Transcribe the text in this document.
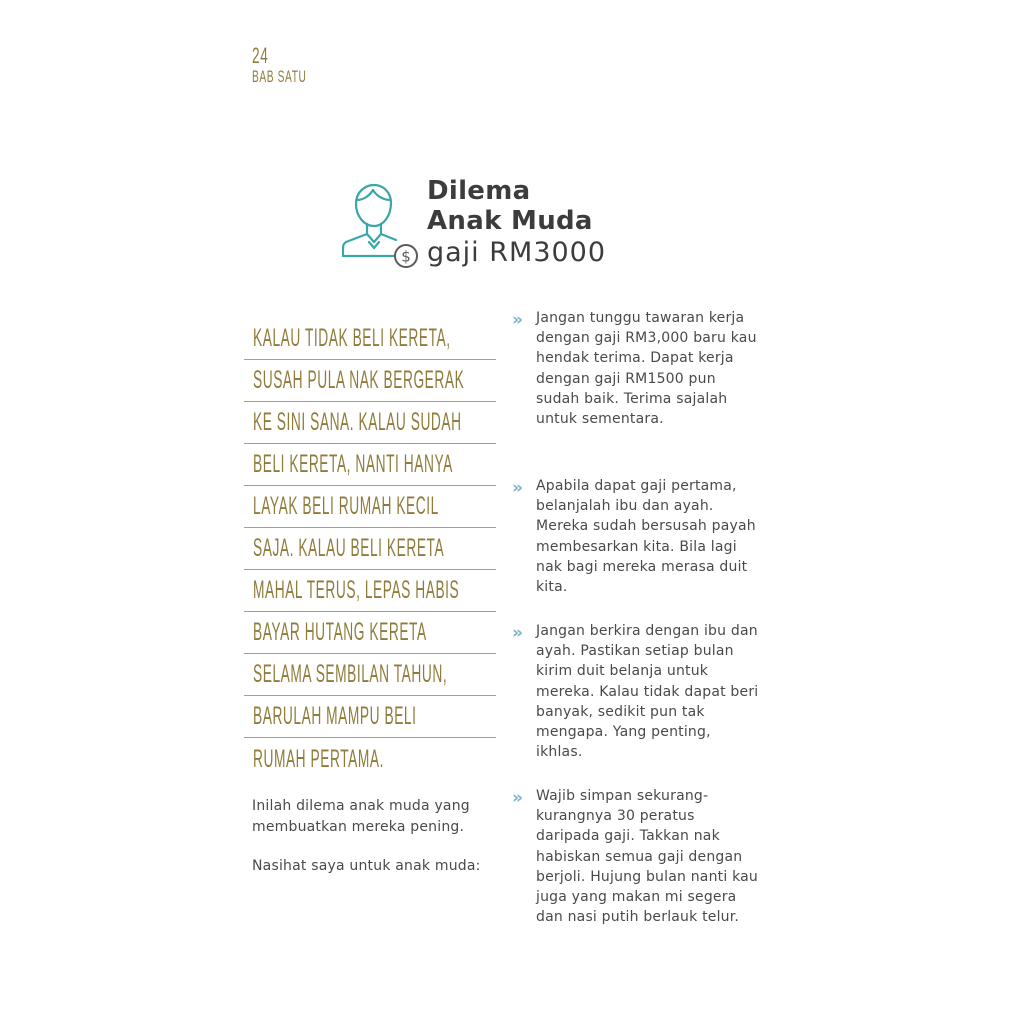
24
BAB SATU
$
Dilema
Anak Muda
gaji RM3000
KALAU TIDAK BELI KERETA,
SUSAH PULA NAK BERGERAK
KE SINI SANA. KALAU SUDAH
BELI KERETA, NANTI HANYA
LAYAK BELI RUMAH KECIL
SAJA. KALAU BELI KERETA
MAHAL TERUS, LEPAS HABIS
BAYAR HUTANG KERETA
SELAMA SEMBILAN TAHUN,
BARULAH MAMPU BELI
RUMAH PERTAMA.

Inilah dilema anak muda yang membuatkan mereka pening.

Nasihat saya untuk anak muda:

» Jangan tunggu tawaran kerja dengan gaji RM3,000 baru kau hendak terima. Dapat kerja dengan gaji RM1500 pun sudah baik. Terima sajalah untuk sementara.

» Apabila dapat gaji pertama, belanjalah ibu dan ayah. Mereka sudah bersusah payah membesarkan kita. Bila lagi nak bagi mereka merasa duit kita.

» Jangan berkira dengan ibu dan ayah. Pastikan setiap bulan kirim duit belanja untuk mereka. Kalau tidak dapat beri banyak, sedikit pun tak mengapa. Yang penting, ikhlas.

» Wajib simpan sekurang-kurangnya 30 peratus daripada gaji. Takkan nak habiskan semua gaji dengan berjoli. Hujung bulan nanti kau juga yang makan mi segera dan nasi putih berlauk telur.
